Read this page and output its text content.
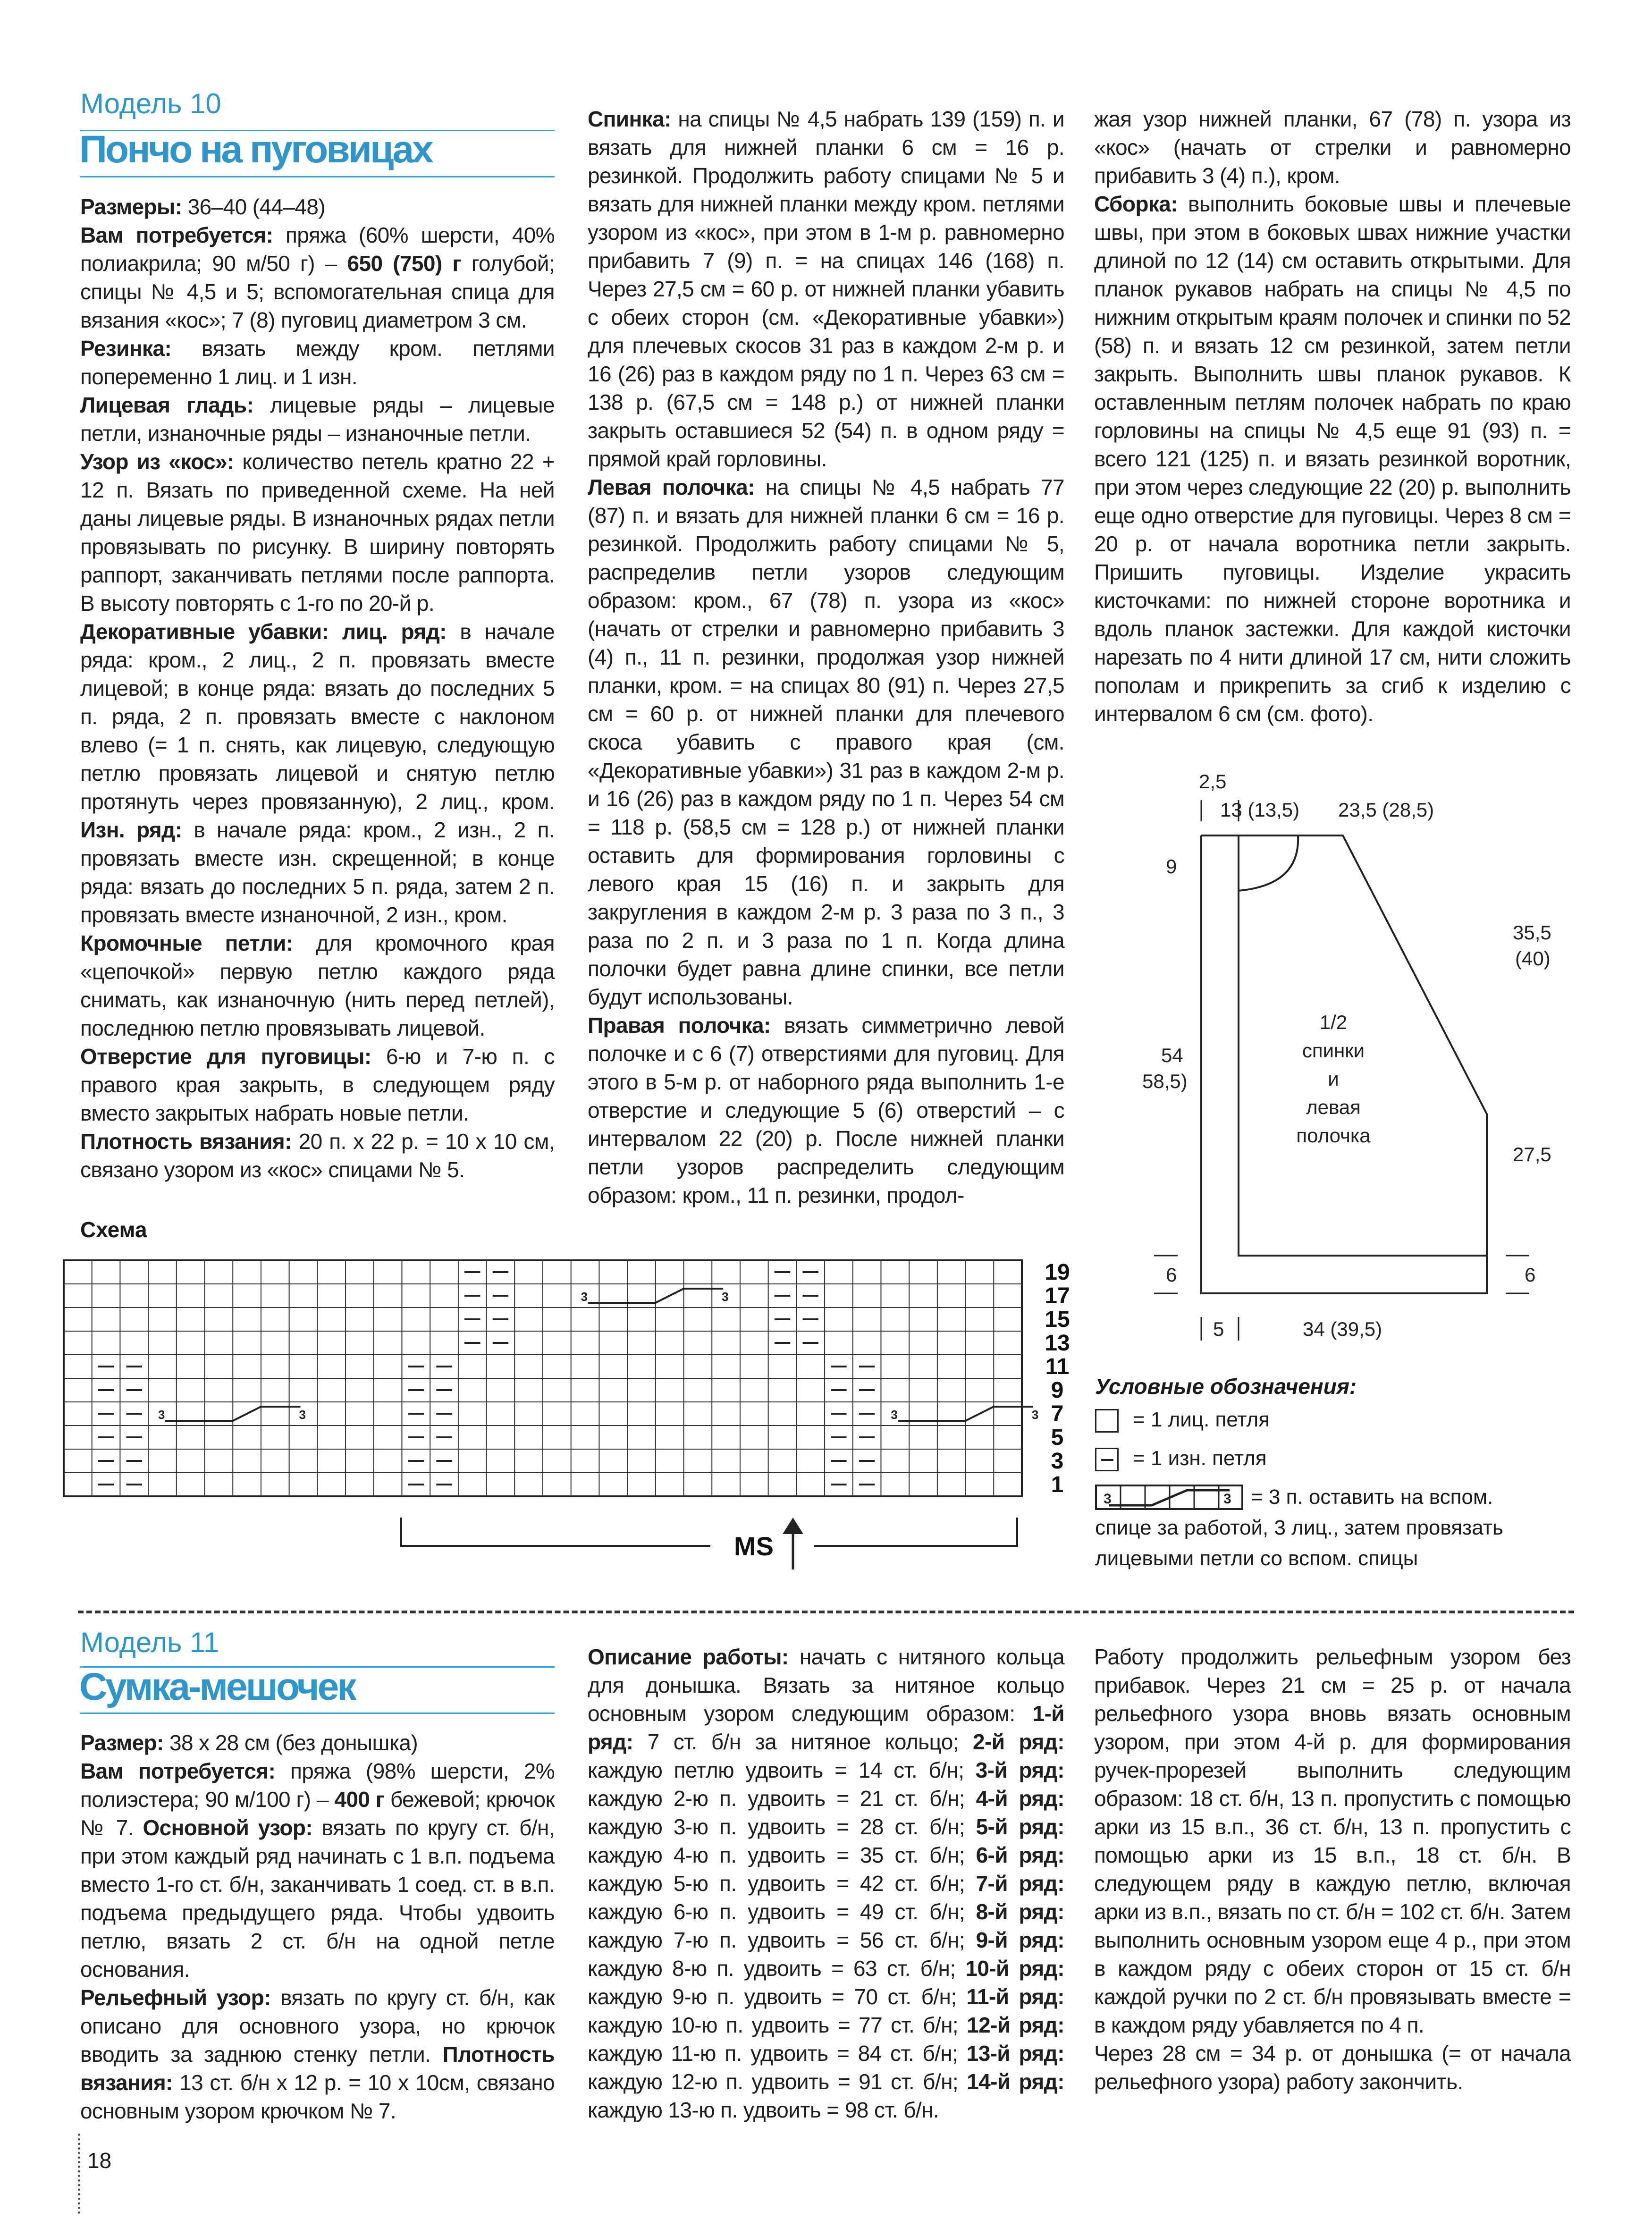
Модель 10
Пончо на пуговицах

Размеры: 36–40 (44–48)

Вам потребуется: пряжа (60% шерсти, 40% полиакрила; 90 м/50 г) – 650 (750) г голубой; спицы № 4,5 и 5; вспомогательная спица для вязания «кос»; 7 (8) пуговиц диаметром 3 см.

Резинка: вязать между кром. петлями попеременно 1 лиц. и 1 изн.

Лицевая гладь: лицевые ряды – лицевые петли, изнаночные ряды – изнаночные петли.

Узор из «кос»: количество петель кратно 22 + 12 п. Вязать по приведенной схеме. На ней даны лицевые ряды. В изнаночных рядах петли провязывать по рисунку. В ширину повторять раппорт, заканчивать петлями после раппорта. В высоту повторять с 1-го по 20-й р.

Декоративные убавки: лиц. ряд: в начале ряда: кром., 2 лиц., 2 п. провязать вместе лицевой; в конце ряда: вязать до последних 5 п. ряда, 2 п. провязать вместе с наклоном влево (= 1 п. снять, как лицевую, следующую петлю провязать лицевой и снятую петлю протянуть через провязанную), 2 лиц., кром. Изн. ряд: в начале ряда: кром., 2 изн., 2 п. провязать вместе изн. скрещенной; в конце ряда: вязать до последних 5 п. ряда, затем 2 п. провязать вместе изнаночной, 2 изн., кром.

Кромочные петли: для кромочного края «цепочкой» первую петлю каждого ряда снимать, как изнаночную (нить перед петлей), последнюю петлю провязывать лицевой.

Отверстие для пуговицы: 6-ю и 7-ю п. с правого края закрыть, в следующем ряду вместо закрытых набрать новые петли.

Плотность вязания: 20 п. х 22 р. = 10 х 10 см, связано узором из «кос» спицами № 5.

Спинка: на спицы № 4,5 набрать 139 (159) п. и вязать для нижней планки 6 см = 16 р. резинкой. Продолжить работу спицами № 5 и вязать для нижней планки между кром. петлями узором из «кос», при этом в 1-м р. равномерно прибавить 7 (9) п. = на спицах 146 (168) п. Через 27,5 см = 60 р. от нижней планки убавить с обеих сторон (см. «Декоративные убавки») для плечевых скосов 31 раз в каждом 2-м р. и 16 (26) раз в каждом ряду по 1 п. Через 63 см = 138 р. (67,5 см = 148 р.) от нижней планки закрыть оставшиеся 52 (54) п. в одном ряду = прямой край горловины.

Левая полочка: на спицы № 4,5 набрать 77 (87) п. и вязать для нижней планки 6 см = 16 р. резинкой. Продолжить работу спицами № 5, распределив петли узоров следующим образом: кром., 67 (78) п. узора из «кос» (начать от стрелки и равномерно прибавить 3 (4) п., 11 п. резинки, продолжая узор нижней планки, кром. = на спицах 80 (91) п. Через 27,5 см = 60 р. от нижней планки для плечевого скоса убавить с правого края (см. «Декоративные убавки») 31 раз в каждом 2-м р. и 16 (26) раз в каждом ряду по 1 п. Через 54 см = 118 р. (58,5 см = 128 р.) от нижней планки оставить для формирования горловины с левого края 15 (16) п. и закрыть для закругления в каждом 2-м р. 3 раза по 3 п., 3 раза по 2 п. и 3 раза по 1 п. Когда длина полочки будет равна длине спинки, все петли будут использованы.

Правая полочка: вязать симметрично левой полочке и с 6 (7) отверстиями для пуговиц. Для этого в 5-м р. от наборного ряда выполнить 1-е отверстие и следующие 5 (6) отверстий – с интервалом 22 (20) р. После нижней планки петли узоров распределить следующим образом: кром., 11 п. резинки, продол-

жая узор нижней планки, 67 (78) п. узора из «кос» (начать от стрелки и равномерно прибавить 3 (4) п.), кром.

Сборка: выполнить боковые швы и плечевые швы, при этом в боковых швах нижние участки длиной по 12 (14) см оставить открытыми. Для планок рукавов набрать на спицы № 4,5 по нижним открытым краям полочек и спинки по 52 (58) п. и вязать 12 см резинкой, затем петли закрыть. Выполнить швы планок рукавов. К оставленным петлям полочек набрать по краю горловины на спицы № 4,5 еще 91 (93) п. = всего 121 (125) п. и вязать резинкой воротник, при этом через следующие 22 (20) р. выполнить еще одно отверстие для пуговицы. Через 8 см = 20 р. от начала воротника петли закрыть. Пришить пуговицы. Изделие украсить кисточками: по нижней стороне воротника и вдоль планок застежки. Для каждой кисточки нарезать по 4 нити длиной 17 см, нити сложить пополам и прикрепить за сгиб к изделию с интервалом 6 см (см. фото).

Схема
3	3
3	3
3	3
19
17
15
13
11
9
7
5
3
1
MS
2,5
13 (13,5) 23,5 (28,5)
9
35,5
(40)
54
58,5)
27,5
6	6
5	34 (39,5)
1/2
спинки
и
левая
полочка
Условные обозначения:
= 1 лиц. петля
= 1 изн. петля
3	3 = 3 п. оставить на вспом.
спице за работой, 3 лиц., затем провязать
лицевыми петли со вспом. спицы
Модель 11
Сумка-мешочек

Размер: 38 х 28 см (без донышка)

Вам потребуется: пряжа (98% шерсти, 2% полиэстера; 90 м/100 г) – 400 г бежевой; крючок № 7. Основной узор: вязать по кругу ст. б/н, при этом каждый ряд начинать с 1 в.п. подъема вместо 1-го ст. б/н, заканчивать 1 соед. ст. в в.п. подъема предыдущего ряда. Чтобы удвоить петлю, вязать 2 ст. б/н на одной петле основания.

Рельефный узор: вязать по кругу ст. б/н, как описано для основного узора, но крючок вводить за заднюю стенку петли. Плотность вязания: 13 ст. б/н х 12 р. = 10 х 10см, связано основным узором крючком № 7.

Описание работы: начать с нитяного кольца для донышка. Вязать за нитяное кольцо основным узором следующим образом: 1-й ряд: 7 ст. б/н за нитяное кольцо; 2-й ряд: каждую петлю удвоить = 14 ст. б/н; 3-й ряд: каждую 2-ю п. удвоить = 21 ст. б/н; 4-й ряд: каждую 3-ю п. удвоить = 28 ст. б/н; 5-й ряд: каждую 4-ю п. удвоить = 35 ст. б/н; 6-й ряд: каждую 5-ю п. удвоить = 42 ст. б/н; 7-й ряд: каждую 6-ю п. удвоить = 49 ст. б/н; 8-й ряд: каждую 7-ю п. удвоить = 56 ст. б/н; 9-й ряд: каждую 8-ю п. удвоить = 63 ст. б/н; 10-й ряд: каждую 9-ю п. удвоить = 70 ст. б/н; 11-й ряд: каждую 10-ю п. удвоить = 77 ст. б/н; 12-й ряд: каждую 11-ю п. удвоить = 84 ст. б/н; 13-й ряд: каждую 12-ю п. удвоить = 91 ст. б/н; 14-й ряд: каждую 13-ю п. удвоить = 98 ст. б/н.

Работу продолжить рельефным узором без прибавок. Через 21 см = 25 р. от начала рельефного узора вновь вязать основным узором, при этом 4-й р. для формирования ручек-прорезей выполнить следующим образом: 18 ст. б/н, 13 п. пропустить с помощью арки из 15 в.п., 36 ст. б/н, 13 п. пропустить с помощью арки из 15 в.п., 18 ст. б/н. В следующем ряду в каждую петлю, включая арки из в.п., вязать по ст. б/н = 102 ст. б/н. Затем выполнить основным узором еще 4 р., при этом в каждом ряду с обеих сторон от 15 ст. б/н каждой ручки по 2 ст. б/н провязывать вместе = в каждом ряду убавляется по 4 п.

Через 28 см = 34 р. от донышка (= от начала рельефного узора) работу закончить.

18
